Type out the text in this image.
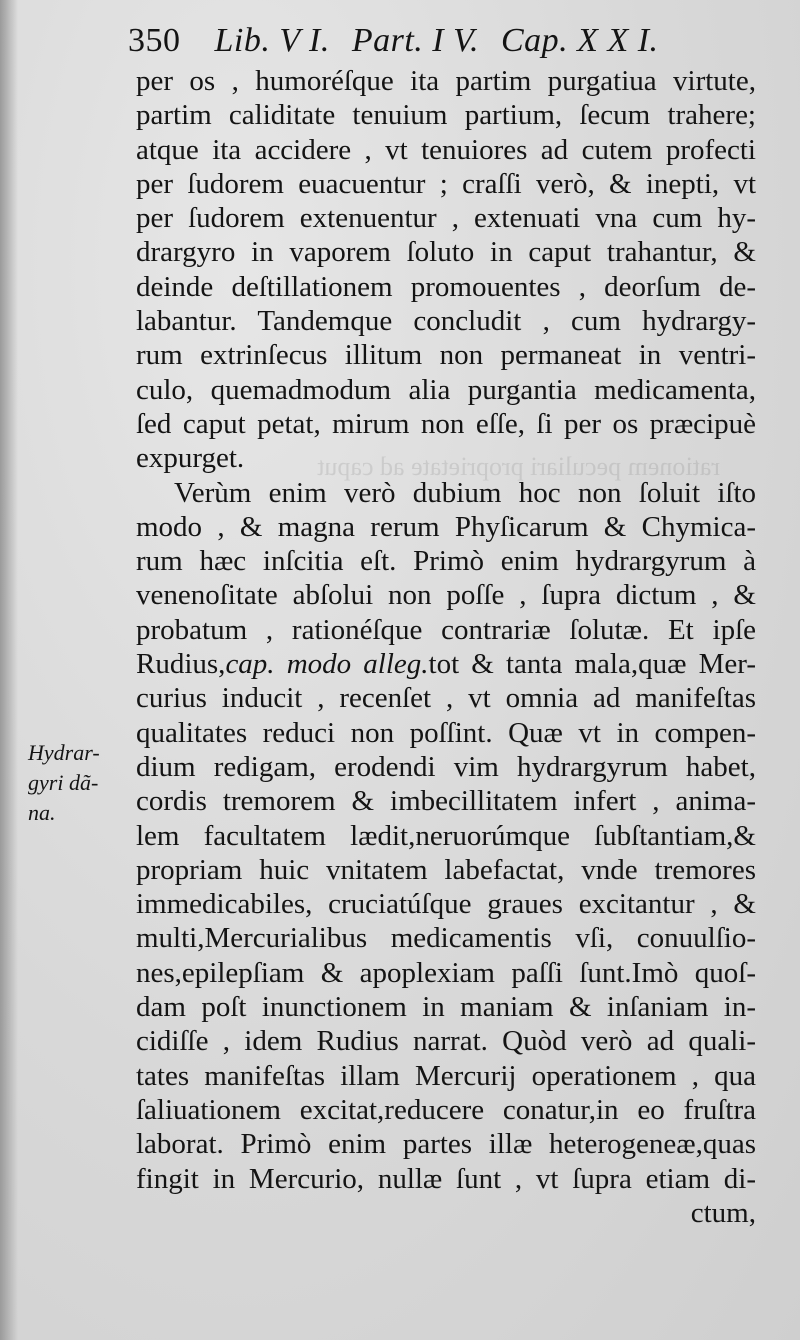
rationem peculiari proprietate ad caput
350 Lib. V I. Part. I V. Cap. X X I.
Hydrar-
gyri dã-
na.
per os , humoréſque ita partim purgatiua virtute,
partim caliditate tenuium partium, ſecum trahere;
atque ita accidere , vt tenuiores ad cutem profecti
per ſudorem euacuentur ; craſſi verò, & inepti, vt
per ſudorem extenuentur , extenuati vna cum hy-
drargyro in vaporem ſoluto in caput trahantur, &
deinde deſtillationem promouentes , deorſum de-
labantur. Tandemque concludit , cum hydrargy-
rum extrinſecus illitum non permaneat in ventri-
culo, quemadmodum alia purgantia medicamenta,
ſed caput petat, mirum non eſſe, ſi per os præcipuè
expurget.
Verùm enim verò dubium hoc non ſoluit iſto
modo , & magna rerum Phyſicarum & Chymica-
rum hæc inſcitia eſt. Primò enim hydrargyrum à
venenoſitate abſolui non poſſe , ſupra dictum , &
probatum , rationéſque contrariæ ſolutæ. Et ipſe
Rudius,cap. modo alleg.tot & tanta mala,quæ Mer-
curius inducit , recenſet , vt omnia ad manifeſtas
qualitates reduci non poſſint. Quæ vt in compen-
dium redigam, erodendi vim hydrargyrum habet,
cordis tremorem & imbecillitatem infert , anima-
lem facultatem lædit,neruorúmque ſubſtantiam,&
propriam huic vnitatem labefactat, vnde tremores
immedicabiles, cruciatúſque graues excitantur , &
multi,Mercurialibus medicamentis vſi, conuulſio-
nes,epilepſiam & apoplexiam paſſi ſunt.Imò quoſ-
dam poſt inunctionem in maniam & inſaniam in-
cidiſſe , idem Rudius narrat. Quòd verò ad quali-
tates manifeſtas illam Mercurij operationem , qua
ſaliuationem excitat,reducere conatur,in eo fruſtra
laborat. Primò enim partes illæ heterogeneæ,quas
fingit in Mercurio, nullæ ſunt , vt ſupra etiam di-
ctum,
